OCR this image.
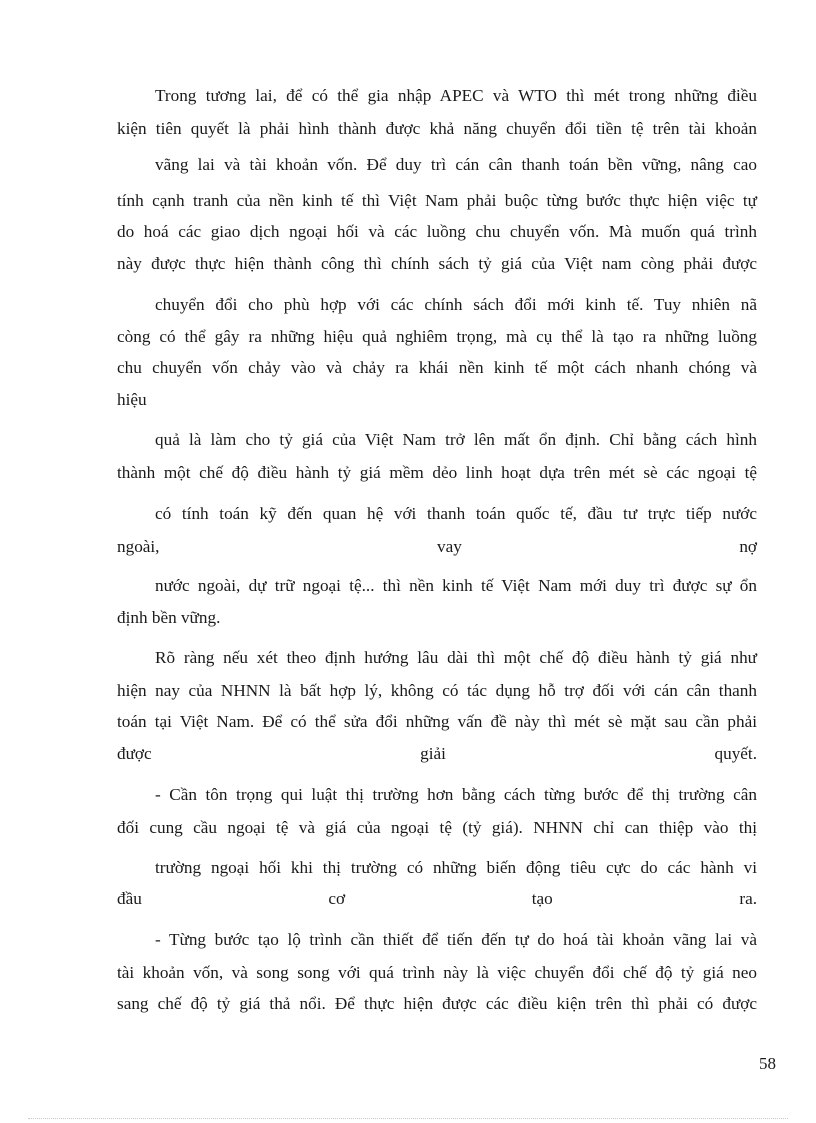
Trong tương lai, để có thể gia nhập APEC và WTO thì mét trong những điều
kiện tiên quyết là phải hình thành được khả năng chuyển đổi tiền tệ trên tài khoản
vãng lai và tài khoản vốn. Để duy trì cán cân thanh toán bền vững, nâng cao
tính cạnh tranh của nền kinh tế thì Việt Nam phải buộc từng bước thực hiện việc tự
do hoá các giao dịch ngoại hối và các luồng chu chuyển vốn. Mà muốn quá trình
này được thực hiện thành công thì chính sách tỷ giá của Việt nam còng phải được
chuyển đổi cho phù hợp với các chính sách đổi mới kinh tế. Tuy nhiên nã
còng có thể gây ra những hiệu quả nghiêm trọng, mà cụ thể là tạo ra những luồng
chu chuyển vốn chảy vào và chảy ra khái nền kinh tế một cách nhanh chóng và
hiệu
quả là làm cho tỷ giá của Việt Nam trở lên mất ổn định. Chỉ bằng cách hình
thành một chế độ điều hành tỷ giá mềm dẻo linh hoạt dựa trên mét sè các ngoại tệ
có tính toán kỹ đến quan hệ với thanh toán quốc tế, đầu tư trực tiếp nước
ngoài, vay nợ
nước ngoài, dự trữ ngoại tệ... thì nền kinh tế Việt Nam mới duy trì được sự ổn
định bền vững.
Rõ ràng nếu xét theo định hướng lâu dài thì một chế độ điều hành tỷ giá như
hiện nay của NHNN là bất hợp lý, không có tác dụng hỗ trợ đối với cán cân thanh
toán tại Việt Nam. Để có thể sửa đổi những vấn đề này thì mét sè mặt sau cần phải
được giải quyết.
- Cần tôn trọng qui luật thị trường hơn bằng cách từng bước để thị trường cân
đối cung cầu ngoại tệ và giá của ngoại tệ (tỷ giá). NHNN chỉ can thiệp vào thị
trường ngoại hối khi thị trường có những biến động tiêu cực do các hành vi
đầu cơ tạo ra.
- Từng bước tạo lộ trình cần thiết để tiến đến tự do hoá tài khoản vãng lai và
tài khoản vốn, và song song với quá trình này là việc chuyển đổi chế độ tỷ giá neo
sang chế độ tỷ giá thả nổi. Để thực hiện được các điều kiện trên thì phải có được
58
